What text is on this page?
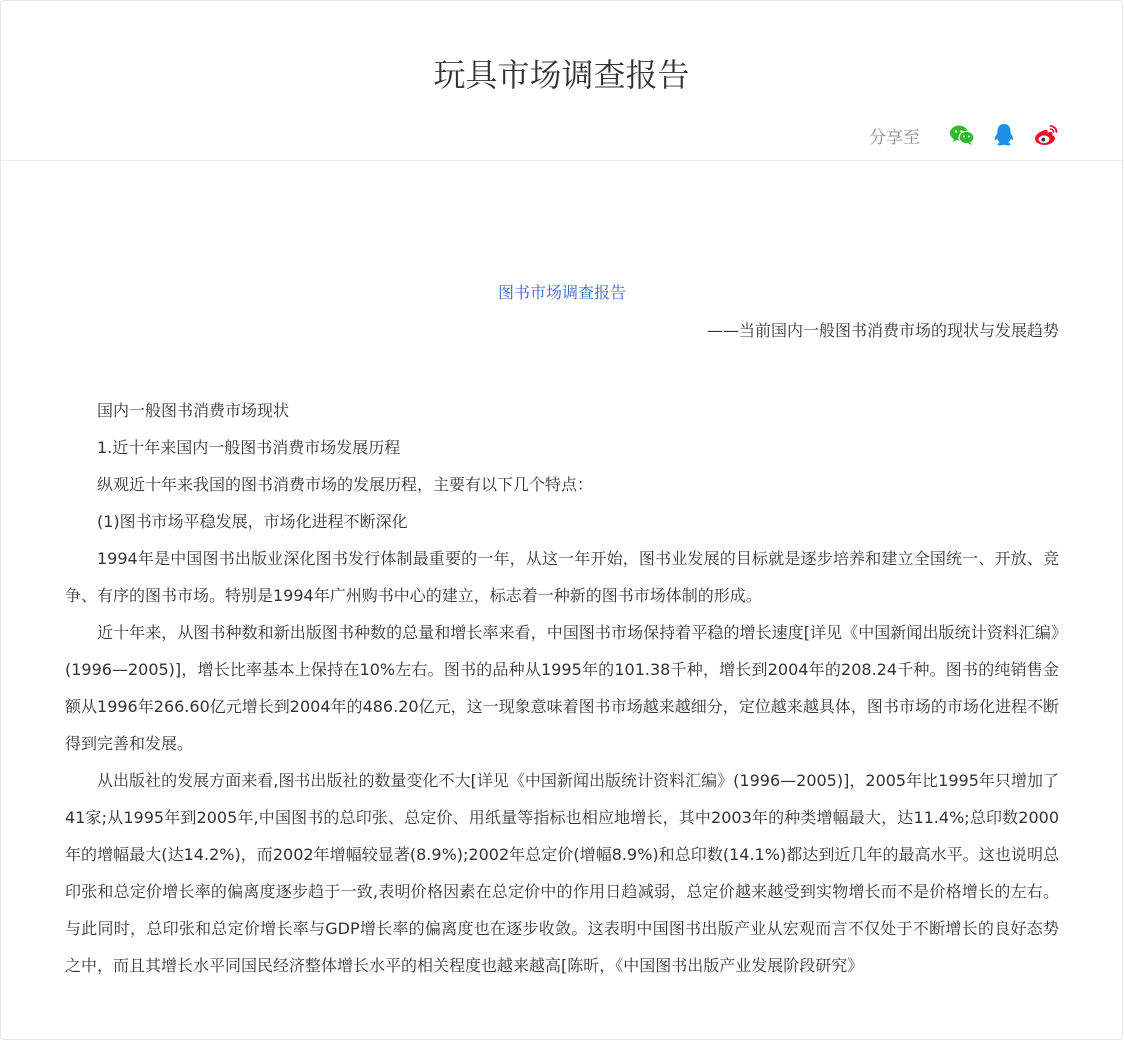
玩具市场调查报告
分享至
图书市场调查报告
——当前国内一般图书消费市场的现状与发展趋势

国内一般图书消费市场现状

1.近十年来国内一般图书消费市场发展历程

纵观近十年来我国的图书消费市场的发展历程，主要有以下几个特点：

(1)图书市场平稳发展，市场化进程不断深化

1994年是中国图书出版业深化图书发行体制最重要的一年，从这一年开始，图书业发展的目标就是逐步培养和建立全国统一、开放、竞争、有序的图书市场。特别是1994年广州购书中心的建立，标志着一种新的图书市场体制的形成。

近十年来，从图书种数和新出版图书种数的总量和增长率来看，中国图书市场保持着平稳的增长速度[详见《中国新闻出版统计资料汇编》(1996—2005)]，增长比率基本上保持在10%左右。图书的品种从1995年的101.38千种，增长到2004年的208.24千种。图书的纯销售金额从1996年266.60亿元增长到2004年的486.20亿元，这一现象意味着图书市场越来越细分，定位越来越具体，图书市场的市场化进程不断得到完善和发展。

从出版社的发展方面来看,图书出版社的数量变化不大[详见《中国新闻出版统计资料汇编》(1996—2005)]，2005年比1995年只增加了41家;从1995年到2005年,中国图书的总印张、总定价、用纸量等指标也相应地增长，其中2003年的种类增幅最大，达11.4%;总印数2000年的增幅最大(达14.2%)，而2002年增幅较显著(8.9%);2002年总定价(增幅8.9%)和总印数(14.1%)都达到近几年的最高水平。这也说明总印张和总定价增长率的偏离度逐步趋于一致,表明价格因素在总定价中的作用日趋减弱，总定价越来越受到实物增长而不是价格增长的左右。与此同时，总印张和总定价增长率与GDP增长率的偏离度也在逐步收敛。这表明中国图书出版产业从宏观而言不仅处于不断增长的良好态势之中，而且其增长水平同国民经济整体增长水平的相关程度也越来越高[陈昕，《中国图书出版产业发展阶段研究》
